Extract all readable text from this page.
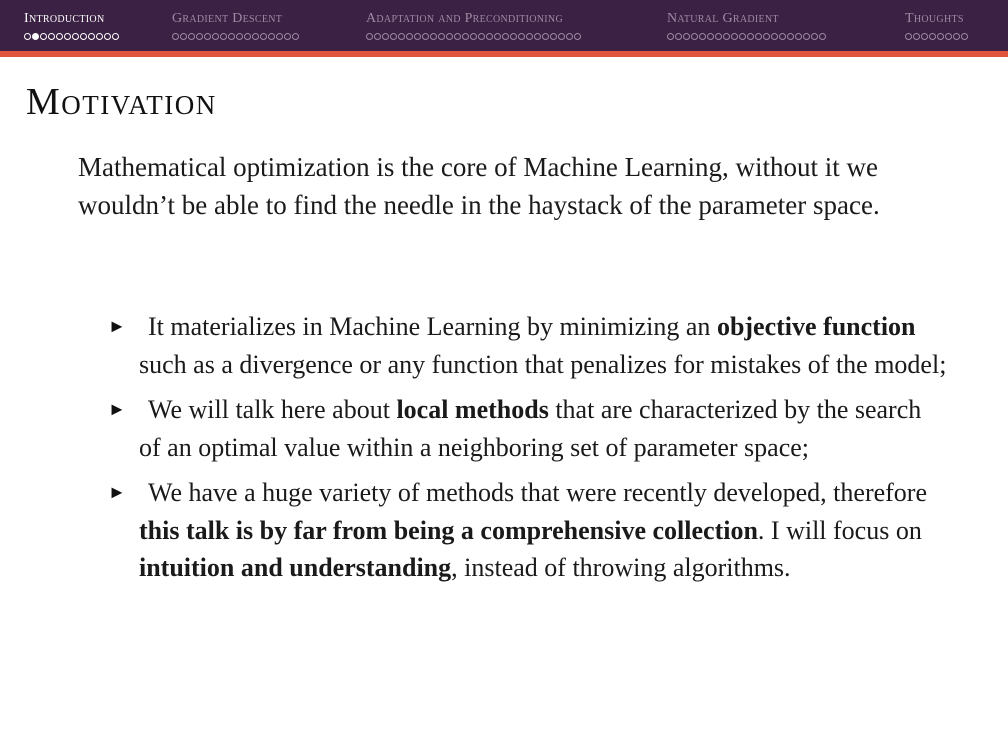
Introduction	Gradient Descent	Adaptation and Preconditioning	Natural Gradient	Thoughts
Motivation

Mathematical optimization is the core of Machine Learning, without it we wouldn’t be able to find the needle in the haystack of the parameter space.

► It materializes in Machine Learning by minimizing an objective function such as a divergence or any function that penalizes for mistakes of the model;
► We will talk here about local methods that are characterized by the search of an optimal value within a neighboring set of parameter space;
► We have a huge variety of methods that were recently developed, therefore this talk is by far from being a comprehensive collection. I will focus on intuition and understanding, instead of throwing algorithms.
